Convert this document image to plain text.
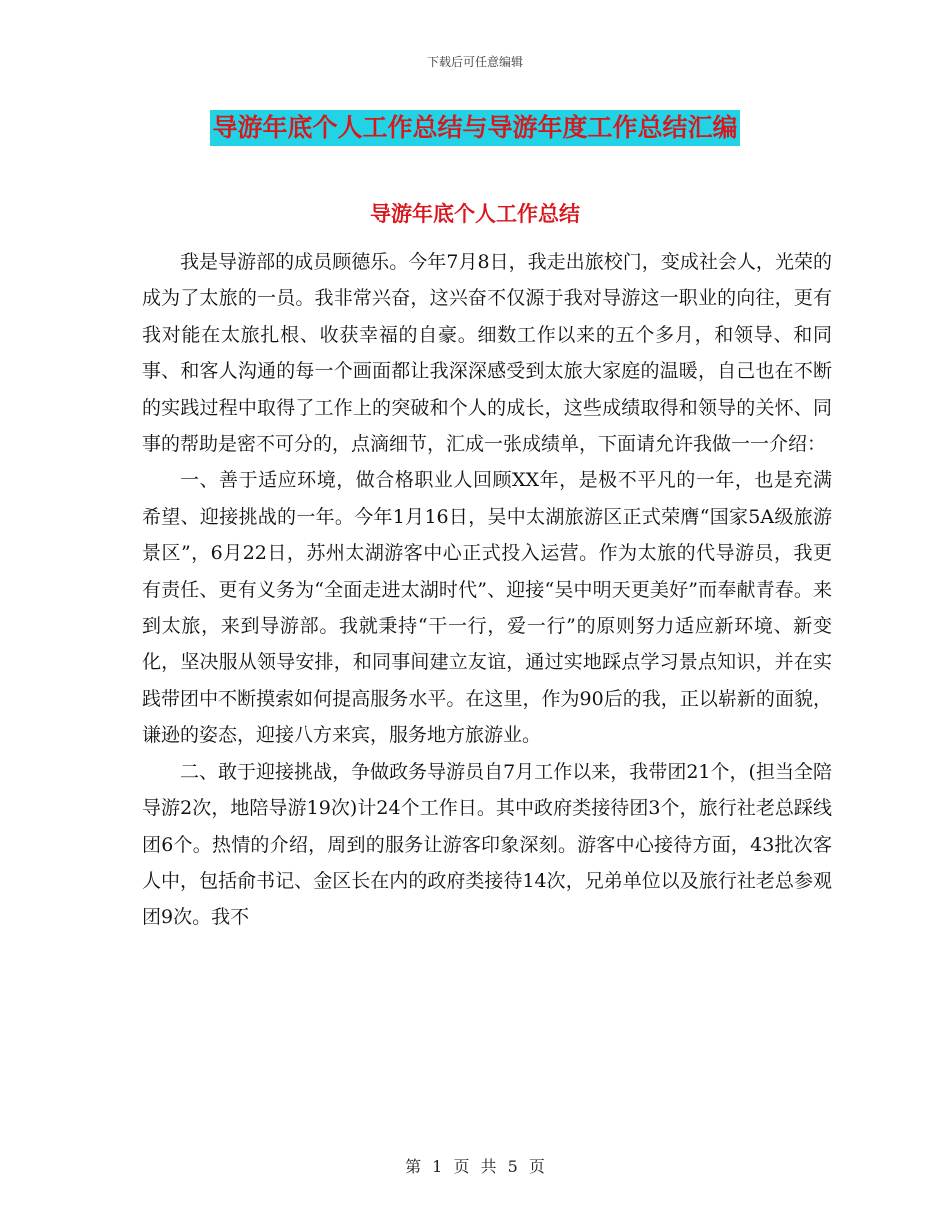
下载后可任意编辑
导游年底个人工作总结与导游年度工作总结汇编
导游年底个人工作总结

我是导游部的成员顾德乐。今年7月8日，我走出旅校门，变成社会人，光荣的成为了太旅的一员。我非常兴奋，这兴奋不仅源于我对导游这一职业的向往，更有我对能在太旅扎根、收获幸福的自豪。细数工作以来的五个多月，和领导、和同事、和客人沟通的每一个画面都让我深深感受到太旅大家庭的温暖，自己也在不断的实践过程中取得了工作上的突破和个人的成长，这些成绩取得和领导的关怀、同事的帮助是密不可分的，点滴细节，汇成一张成绩单，下面请允许我做一一介绍：

一、善于适应环境，做合格职业人回顾XX年，是极不平凡的一年，也是充满希望、迎接挑战的一年。今年1月16日，吴中太湖旅游区正式荣膺“国家5A级旅游景区”，6月22日，苏州太湖游客中心正式投入运营。作为太旅的代导游员，我更有责任、更有义务为“全面走进太湖时代”、迎接“吴中明天更美好”而奉献青春。来到太旅，来到导游部。我就秉持“干一行，爱一行”的原则努力适应新环境、新变化，坚决服从领导安排，和同事间建立友谊，通过实地踩点学习景点知识，并在实践带团中不断摸索如何提高服务水平。在这里，作为90后的我，正以崭新的面貌，谦逊的姿态，迎接八方来宾，服务地方旅游业。

二、敢于迎接挑战，争做政务导游员自7月工作以来，我带团21个，(担当全陪导游2次，地陪导游19次)计24个工作日。其中政府类接待团3个，旅行社老总踩线团6个。热情的介绍，周到的服务让游客印象深刻。游客中心接待方面，43批次客人中，包括俞书记、金区长在内的政府类接待14次，兄弟单位以及旅行社老总参观团9次。我不

第 1 页 共 5 页
